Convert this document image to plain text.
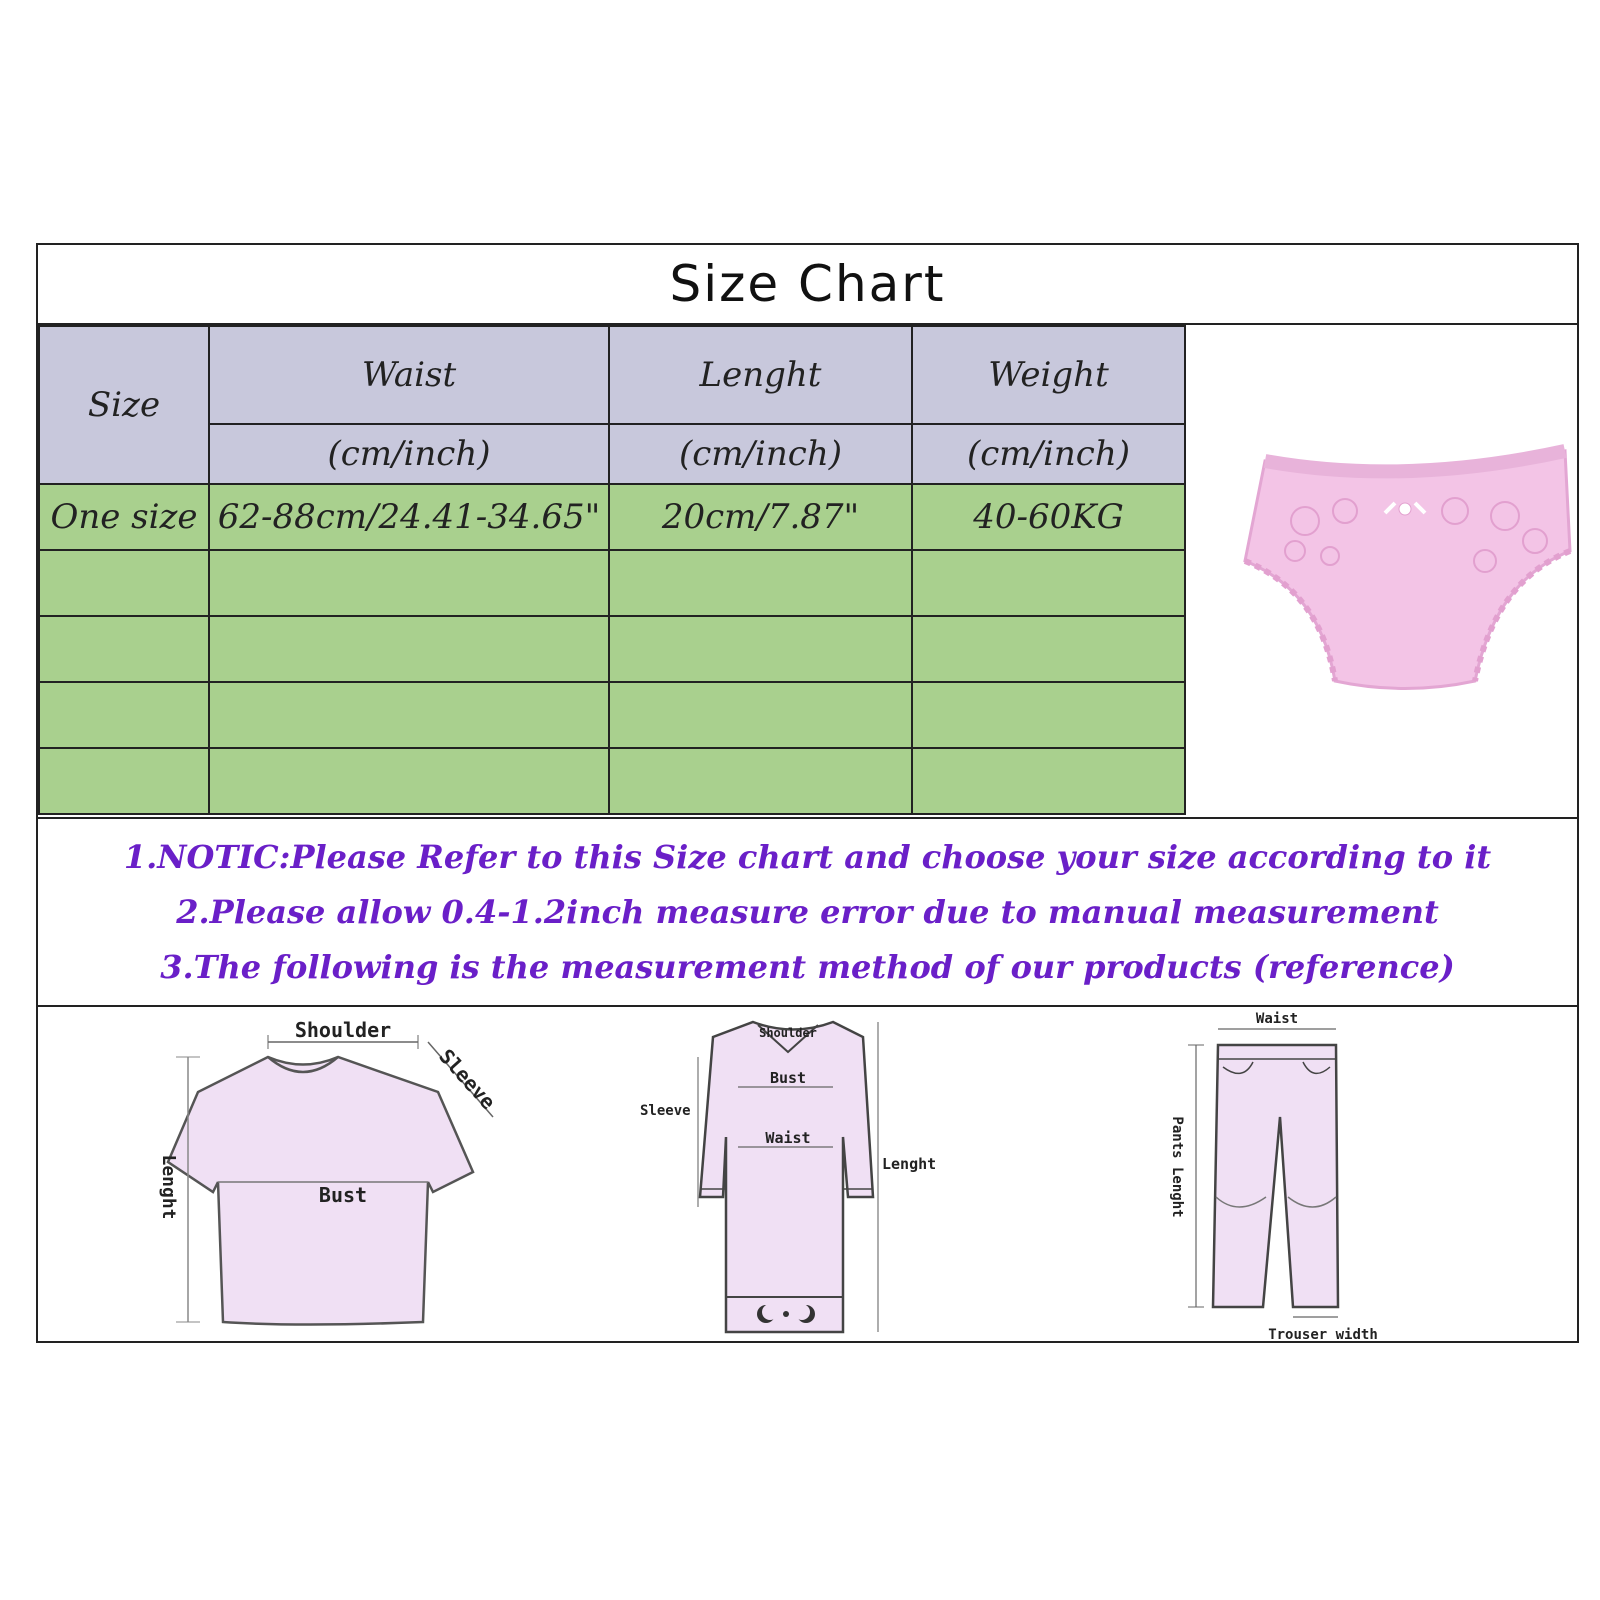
Size Chart
Size	Waist	Lenght	Weight
	(cm/inch)	(cm/inch)	(cm/inch)
One size	62-88cm/24.41-34.65"	20cm/7.87"	40-60KG

1.NOTIC:Please Refer to this Size chart and choose your size according to it
2.Please allow 0.4-1.2inch measure error due to manual measurement
3.The following is the measurement method of our products (reference)
Shoulder
Sleeve
Lenght	Bust
Shoulder
Bust
Waist
Sleeve
Lenght
Waist
Pants Lenght
Trouser width
